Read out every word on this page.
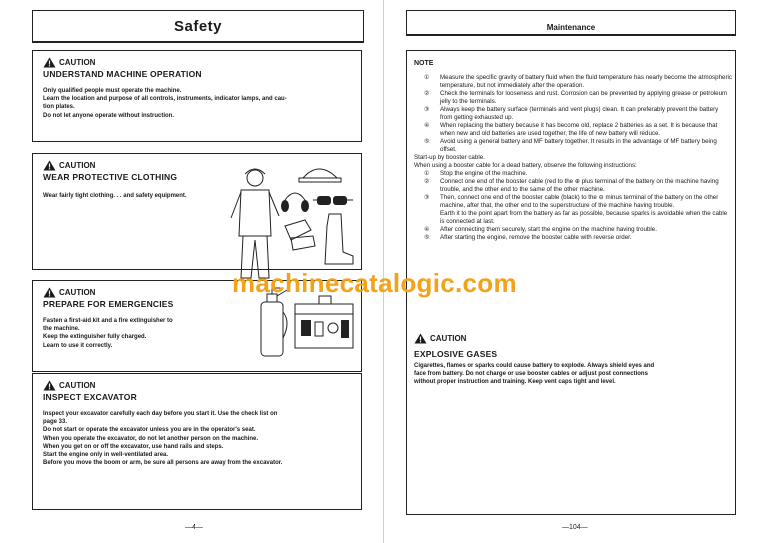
Safety
CAUTION
UNDERSTAND MACHINE OPERATION

Only qualified people must operate the machine.

Learn the location and purpose of all controls, instruments, indicator lamps, and cau-

tion plates.

Do not let anyone operate without instruction.

CAUTION
WEAR PROTECTIVE CLOTHING

Wear fairly tight clothing. . . and safety equipment.

CAUTION
PREPARE FOR EMERGENCIES

Fasten a first-aid kit and a fire extinguisher to

the machine.

Keep the extinguisher fully charged.

Learn to use it correctly.

CAUTION
INSPECT EXCAVATOR

Inspect your excavator carefully each day before you start it. Use the check list on

page 33.

Do not start or operate the excavator unless you are in the operator's seat.

When you operate the excavator, do not let another person on the machine.

When you get on or off the excavator, use hand rails and steps.

Start the engine only in well-ventilated area.

Before you move the boom or arm, be sure all persons are away from the excavator.

—4—
Maintenance
NOTE
①	Measure the specific gravity of battery fluid when the fluid temperature has nearly become the atmospheric temperature, but not immediately after the operation.
②	Check the terminals for looseness and rust. Corrosion can be prevented by applying grease or petroleum jelly to the terminals.
③	Always keep the battery surface (terminals and vent plugs) clean. It can preferably prevent the battery from getting exhausted up.
④	When replacing the battery because it has become old, replace 2 batteries as a set. It is because that when new and old batteries are used together, the life of new battery will reduce.
⑤	Avoid using a general battery and MF battery together. It results in the advantage of MF battery being offset.

Start-up by booster cable.

When using a booster cable for a dead battery, observe the following instructions:

①	Stop the engine of the machine.
②	Connect one end of the booster cable (red to the ⊕ plus terminal of the battery on the machine having trouble, and the other end to the same of the other machine.
③	Then, connect one end of the booster cable (black) to the ⊖ minus terminal of the battery on the other machine, after that, the other end to the superstructure of the machine having trouble.
Earth it to the point apart from the battery as far as possible, because sparks is avoidable when the cable is connected at last.
④	After connecting them securely, start the engine on the machine having trouble.
⑤	After starting the engine, remove the booster cable with reverse order.
CAUTION
EXPLOSIVE GASES

Cigarettes, flames or sparks could cause battery to explode. Always shield eyes and

face from battery. Do not charge or use booster cables or adjust post connections

without proper instruction and training. Keep vent caps tight and level.

—104—
machinecatalogic.com
